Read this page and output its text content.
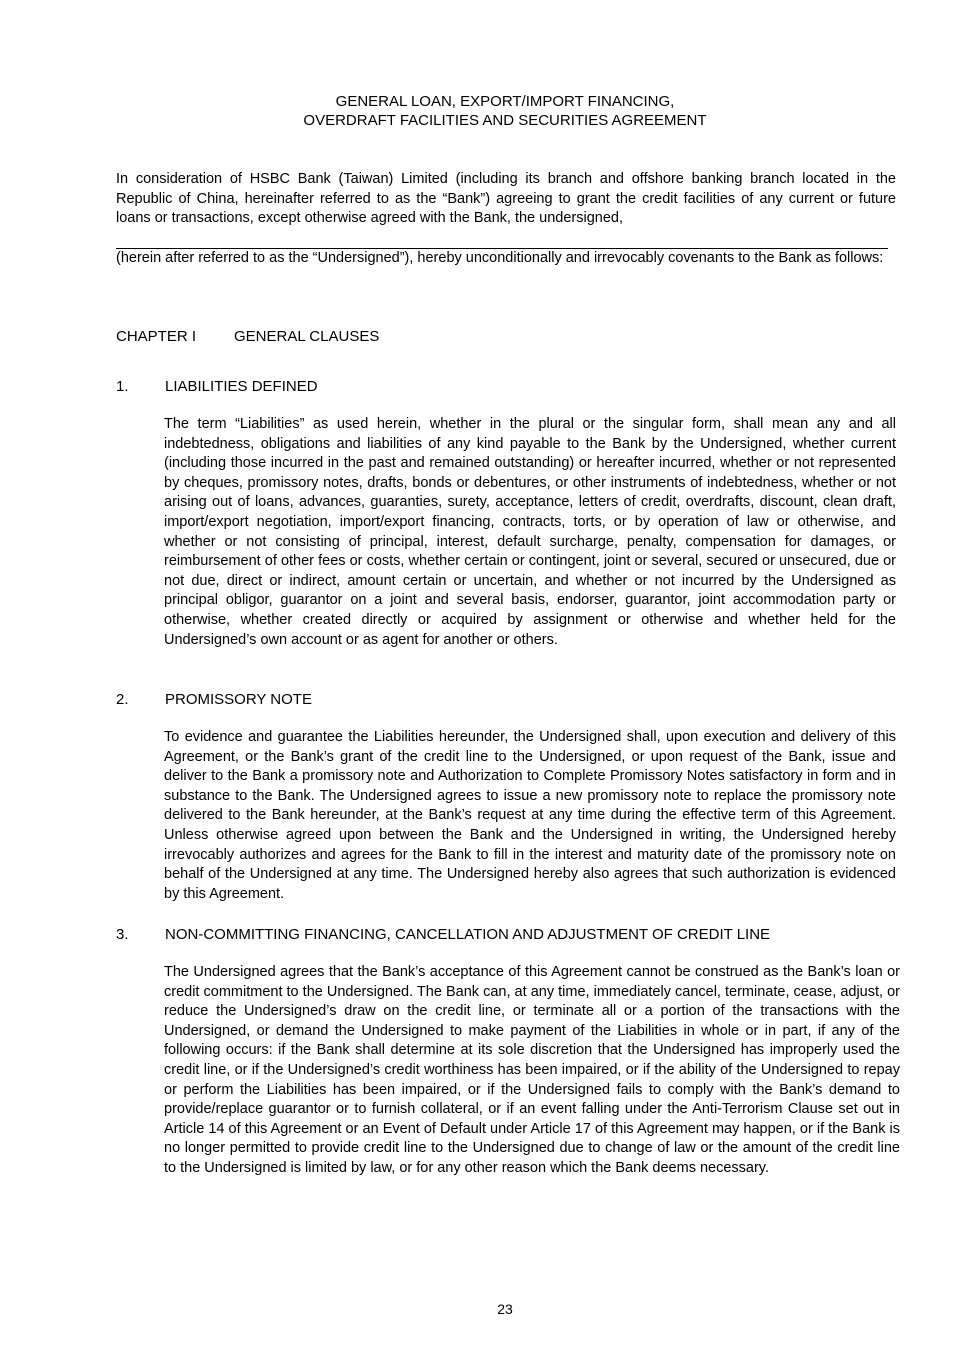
GENERAL LOAN, EXPORT/IMPORT FINANCING,
OVERDRAFT FACILITIES AND SECURITIES AGREEMENT

In consideration of HSBC Bank (Taiwan) Limited (including its branch and offshore banking branch located in the Republic of China, hereinafter referred to as the “Bank”) agreeing to grant the credit facilities of any current or future loans or transactions, except otherwise agreed with the Bank, the undersigned,

(herein after referred to as the “Undersigned”), hereby unconditionally and irrevocably covenants to the Bank as follows:

CHAPTER I	GENERAL CLAUSES
1. LIABILITIES DEFINED
The term “Liabilities” as used herein, whether in the plural or the singular form, shall mean any and all indebtedness, obligations and liabilities of any kind payable to the Bank by the Undersigned, whether current (including those incurred in the past and remained outstanding) or hereafter incurred, whether or not represented by cheques, promissory notes, drafts, bonds or debentures, or other instruments of indebtedness, whether or not arising out of loans, advances, guaranties, surety, acceptance, letters of credit, overdrafts, discount, clean draft, import/export negotiation, import/export financing, contracts, torts, or by operation of law or otherwise, and whether or not consisting of principal, interest, default surcharge, penalty, compensation for damages, or reimbursement of other fees or costs, whether certain or contingent, joint or several, secured or unsecured, due or not due, direct or indirect, amount certain or uncertain, and whether or not incurred by the Undersigned as principal obligor, guarantor on a joint and several basis, endorser, guarantor, joint accommodation party or otherwise, whether created directly or acquired by assignment or otherwise and whether held for the Undersigned’s own account or as agent for another or others.
2. PROMISSORY NOTE
To evidence and guarantee the Liabilities hereunder, the Undersigned shall, upon execution and delivery of this Agreement, or the Bank’s grant of the credit line to the Undersigned, or upon request of the Bank, issue and deliver to the Bank a promissory note and Authorization to Complete Promissory Notes satisfactory in form and in substance to the Bank. The Undersigned agrees to issue a new promissory note to replace the promissory note delivered to the Bank hereunder, at the Bank’s request at any time during the effective term of this Agreement. Unless otherwise agreed upon between the Bank and the Undersigned in writing, the Undersigned hereby irrevocably authorizes and agrees for the Bank to fill in the interest and maturity date of the promissory note on behalf of the Undersigned at any time. The Undersigned hereby also agrees that such authorization is evidenced by this Agreement.
3. NON-COMMITTING FINANCING, CANCELLATION AND ADJUSTMENT OF CREDIT LINE
The Undersigned agrees that the Bank’s acceptance of this Agreement cannot be construed as the Bank’s loan or credit commitment to the Undersigned. The Bank can, at any time, immediately cancel, terminate, cease, adjust, or reduce the Undersigned’s draw on the credit line, or terminate all or a portion of the transactions with the Undersigned, or demand the Undersigned to make payment of the Liabilities in whole or in part, if any of the following occurs: if the Bank shall determine at its sole discretion that the Undersigned has improperly used the credit line, or if the Undersigned’s credit worthiness has been impaired, or if the ability of the Undersigned to repay or perform the Liabilities has been impaired, or if the Undersigned fails to comply with the Bank’s demand to provide/replace guarantor or to furnish collateral, or if an event falling under the Anti-Terrorism Clause set out in Article 14 of this Agreement or an Event of Default under Article 17 of this Agreement may happen, or if the Bank is no longer permitted to provide credit line to the Undersigned due to change of law or the amount of the credit line to the Undersigned is limited by law, or for any other reason which the Bank deems necessary.
23
